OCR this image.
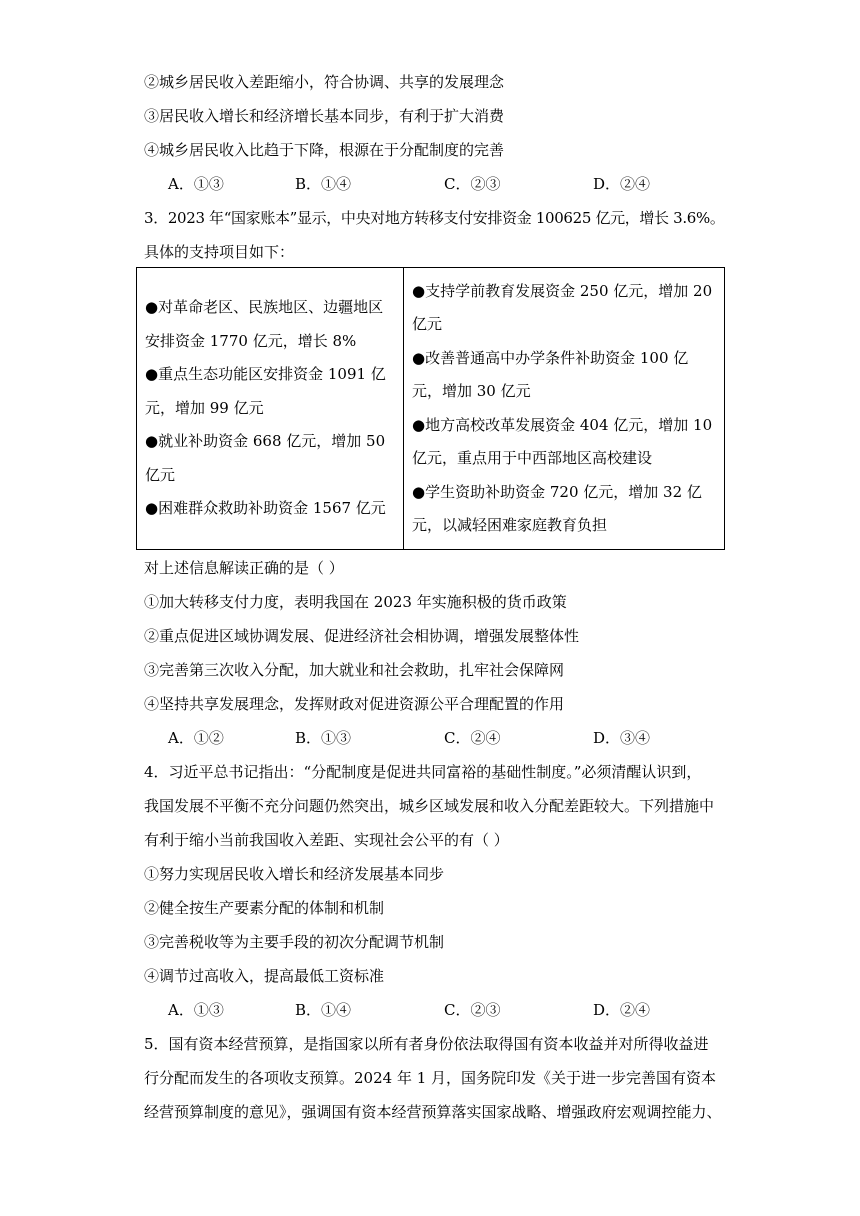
②城乡居民收入差距缩小，符合协调、共享的发展理念
③居民收入增长和经济增长基本同步，有利于扩大消费
④城乡居民收入比趋于下降，根源在于分配制度的完善
A．①③	B．①④	C．②③	D．②④
3．2023 年“国家账本”显示，中央对地方转移支付安排资金 100625 亿元，增长 3.6%。
具体的支持项目如下：
●对革命老区、民族地区、边疆地区安排资金 1770 亿元，增长 8%
●重点生态功能区安排资金 1091 亿元，增加 99 亿元
●就业补助资金 668 亿元，增加 50 亿元
●困难群众救助补助资金 1567 亿元

●支持学前教育发展资金 250 亿元，增加 20 亿元
●改善普通高中办学条件补助资金 100 亿元，增加 30 亿元
●地方高校改革发展资金 404 亿元，增加 10 亿元，重点用于中西部地区高校建设
●学生资助补助资金 720 亿元，增加 32 亿元，以减轻困难家庭教育负担
对上述信息解读正确的是（ ）
①加大转移支付力度，表明我国在 2023 年实施积极的货币政策
②重点促进区域协调发展、促进经济社会相协调，增强发展整体性
③完善第三次收入分配，加大就业和社会救助，扎牢社会保障网
④坚持共享发展理念，发挥财政对促进资源公平合理配置的作用
A．①②	B．①③	C．②④	D．③④
4．习近平总书记指出：“分配制度是促进共同富裕的基础性制度。”必须清醒认识到，
我国发展不平衡不充分问题仍然突出，城乡区域发展和收入分配差距较大。下列措施中
有利于缩小当前我国收入差距、实现社会公平的有（ ）
①努力实现居民收入增长和经济发展基本同步
②健全按生产要素分配的体制和机制
③完善税收等为主要手段的初次分配调节机制
④调节过高收入，提高最低工资标准
A．①③	B．①④	C．②③	D．②④
5．国有资本经营预算，是指国家以所有者身份依法取得国有资本收益并对所得收益进
行分配而发生的各项收支预算。2024 年 1 月，国务院印发《关于进一步完善国有资本
经营预算制度的意见》，强调国有资本经营预算落实国家战略、增强政府宏观调控能力、
